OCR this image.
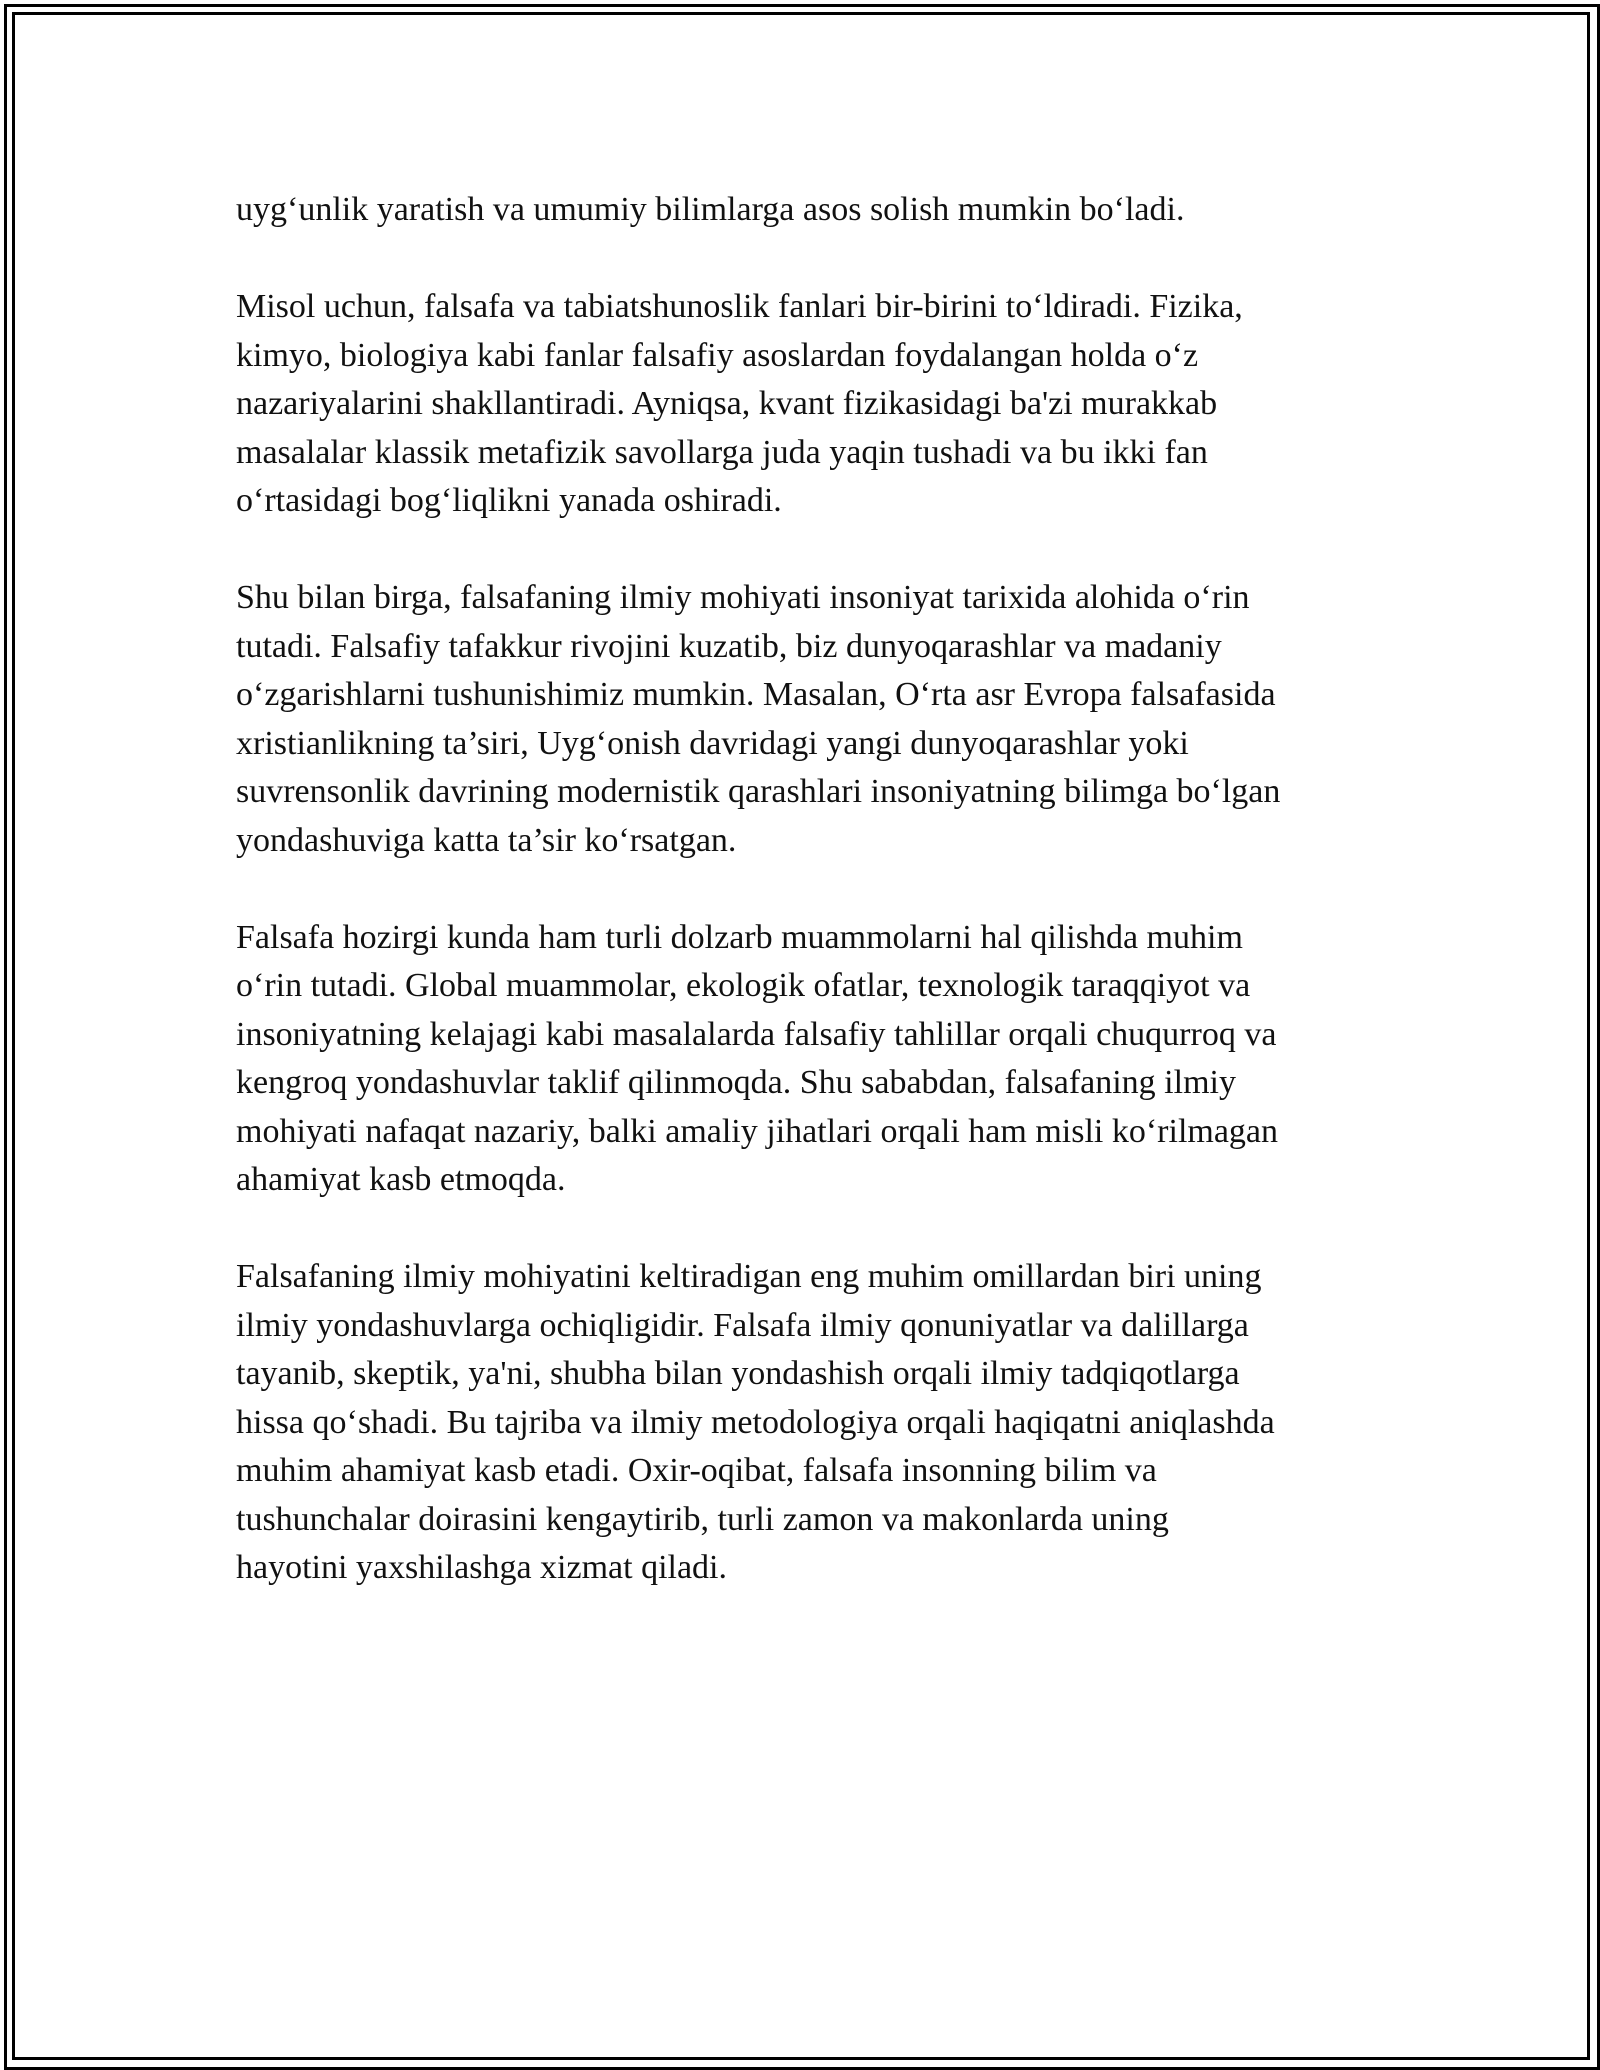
uyg‘unlik yaratish va umumiy bilimlarga asos solish mumkin bo‘ladi.

Misol uchun, falsafa va tabiatshunoslik fanlari bir-birini to‘ldiradi. Fizika,
kimyo, biologiya kabi fanlar falsafiy asoslardan foydalangan holda o‘z
nazariyalarini shakllantiradi. Ayniqsa, kvant fizikasidagi ba'zi murakkab
masalalar klassik metafizik savollarga juda yaqin tushadi va bu ikki fan
o‘rtasidagi bog‘liqlikni yanada oshiradi.

Shu bilan birga, falsafaning ilmiy mohiyati insoniyat tarixida alohida o‘rin
tutadi. Falsafiy tafakkur rivojini kuzatib, biz dunyoqarashlar va madaniy
o‘zgarishlarni tushunishimiz mumkin. Masalan, O‘rta asr Evropa falsafasida
xristianlikning ta’siri, Uyg‘onish davridagi yangi dunyoqarashlar yoki
suvrensonlik davrining modernistik qarashlari insoniyatning bilimga bo‘lgan
yondashuviga katta ta’sir ko‘rsatgan.

Falsafa hozirgi kunda ham turli dolzarb muammolarni hal qilishda muhim
o‘rin tutadi. Global muammolar, ekologik ofatlar, texnologik taraqqiyot va
insoniyatning kelajagi kabi masalalarda falsafiy tahlillar orqali chuqurroq va
kengroq yondashuvlar taklif qilinmoqda. Shu sababdan, falsafaning ilmiy
mohiyati nafaqat nazariy, balki amaliy jihatlari orqali ham misli ko‘rilmagan
ahamiyat kasb etmoqda.

Falsafaning ilmiy mohiyatini keltiradigan eng muhim omillardan biri uning
ilmiy yondashuvlarga ochiqligidir. Falsafa ilmiy qonuniyatlar va dalillarga
tayanib, skeptik, ya'ni, shubha bilan yondashish orqali ilmiy tadqiqotlarga
hissa qo‘shadi. Bu tajriba va ilmiy metodologiya orqali haqiqatni aniqlashda
muhim ahamiyat kasb etadi. Oxir-oqibat, falsafa insonning bilim va
tushunchalar doirasini kengaytirib, turli zamon va makonlarda uning
hayotini yaxshilashga xizmat qiladi.
